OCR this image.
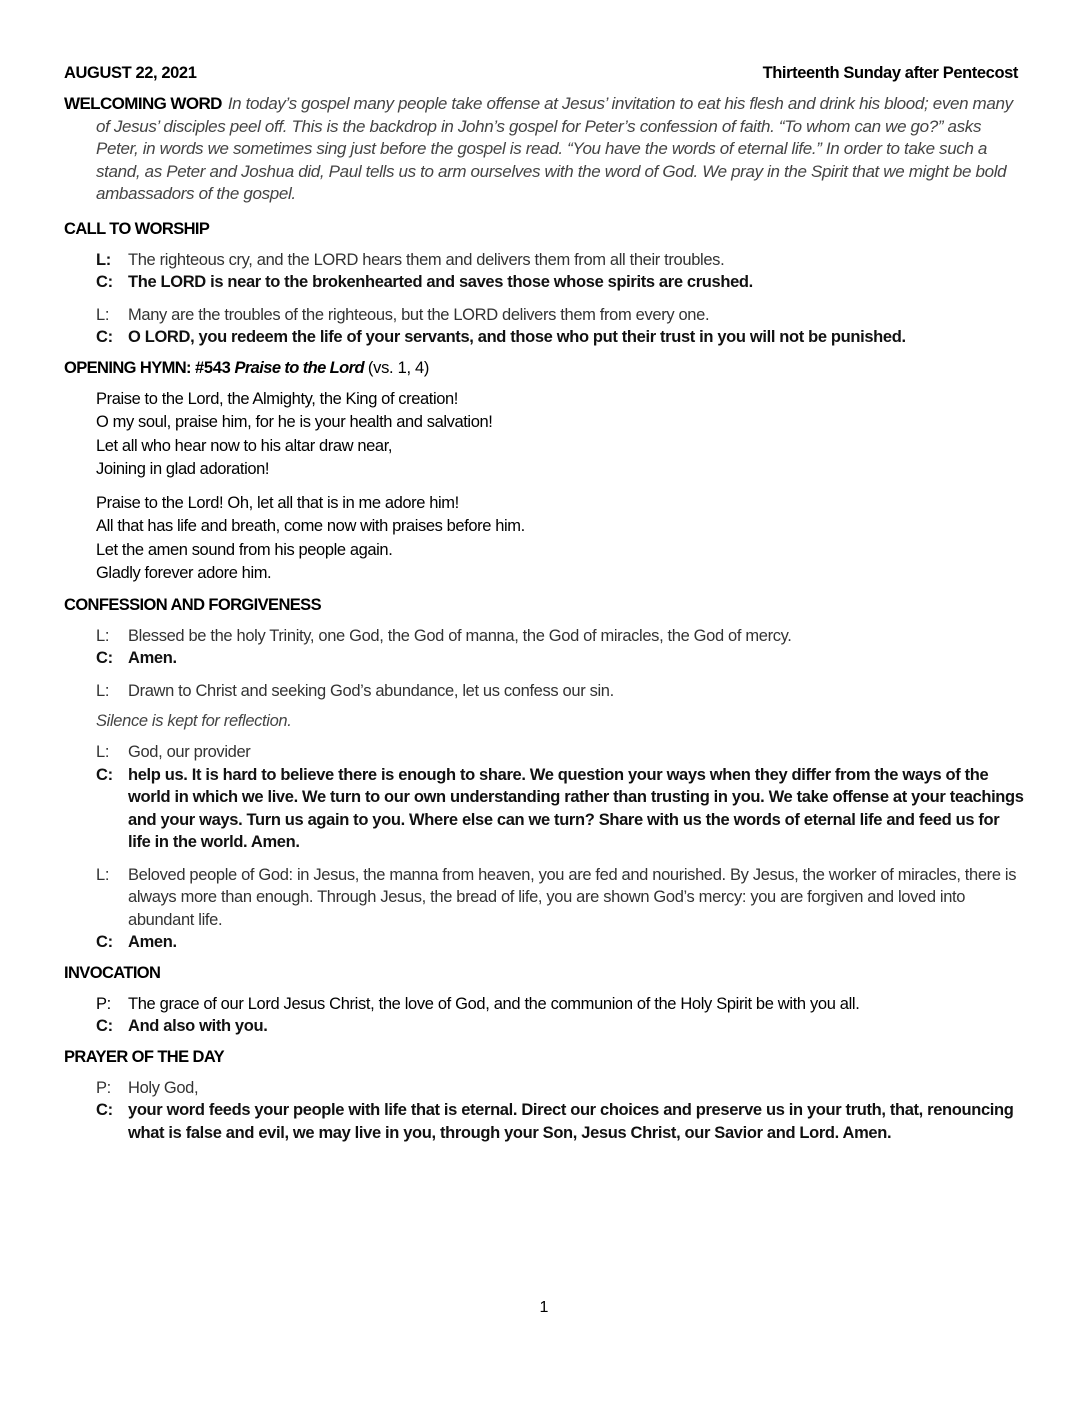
AUGUST 22, 2021	Thirteenth Sunday after Pentecost

WELCOMING WORD In today’s gospel many people take offense at Jesus’ invitation to eat his flesh and drink his blood; even many of Jesus’ disciples peel off. This is the backdrop in John’s gospel for Peter’s confession of faith. “To whom can we go?” asks Peter, in words we sometimes sing just before the gospel is read. “You have the words of eternal life.” In order to take such a stand, as Peter and Joshua did, Paul tells us to arm ourselves with the word of God. We pray in the Spirit that we might be bold ambassadors of the gospel.

CALL TO WORSHIP
L:	The righteous cry, and the LORD hears them and delivers them from all their troubles.
C: The LORD is near to the brokenhearted and saves those whose spirits are crushed.
L:	Many are the troubles of the righteous, but the LORD delivers them from every one.
C: O LORD, you redeem the life of your servants, and those who put their trust in you will not be punished.
OPENING HYMN: #543 Praise to the Lord (vs. 1, 4)
Praise to the Lord, the Almighty, the King of creation!
O my soul, praise him, for he is your health and salvation!
Let all who hear now to his altar draw near,
Joining in glad adoration!
Praise to the Lord! Oh, let all that is in me adore him!
All that has life and breath, come now with praises before him.
Let the amen sound from his people again.
Gladly forever adore him.
CONFESSION AND FORGIVENESS
L:	Blessed be the holy Trinity, one God, the God of manna, the God of miracles, the God of mercy.
C: Amen.
L:	Drawn to Christ and seeking God’s abundance, let us confess our sin.
Silence is kept for reflection.
L:	God, our provider
C: help us. It is hard to believe there is enough to share. We question your ways when they differ from the ways of the world in which we live. We turn to our own understanding rather than trusting in you. We take offense at your teachings and your ways. Turn us again to you. Where else can we turn? Share with us the words of eternal life and feed us for life in the world. Amen.
L:	Beloved people of God: in Jesus, the manna from heaven, you are fed and nourished. By Jesus, the worker of miracles, there is always more than enough. Through Jesus, the bread of life, you are shown God’s mercy: you are forgiven and loved into abundant life.
C: Amen.
INVOCATION
P:	The grace of our Lord Jesus Christ, the love of God, and the communion of the Holy Spirit be with you all.
C: And also with you.
PRAYER OF THE DAY
P:	Holy God,
C: your word feeds your people with life that is eternal. Direct our choices and preserve us in your truth, that, renouncing what is false and evil, we may live in you, through your Son, Jesus Christ, our Savior and Lord. Amen.
1
